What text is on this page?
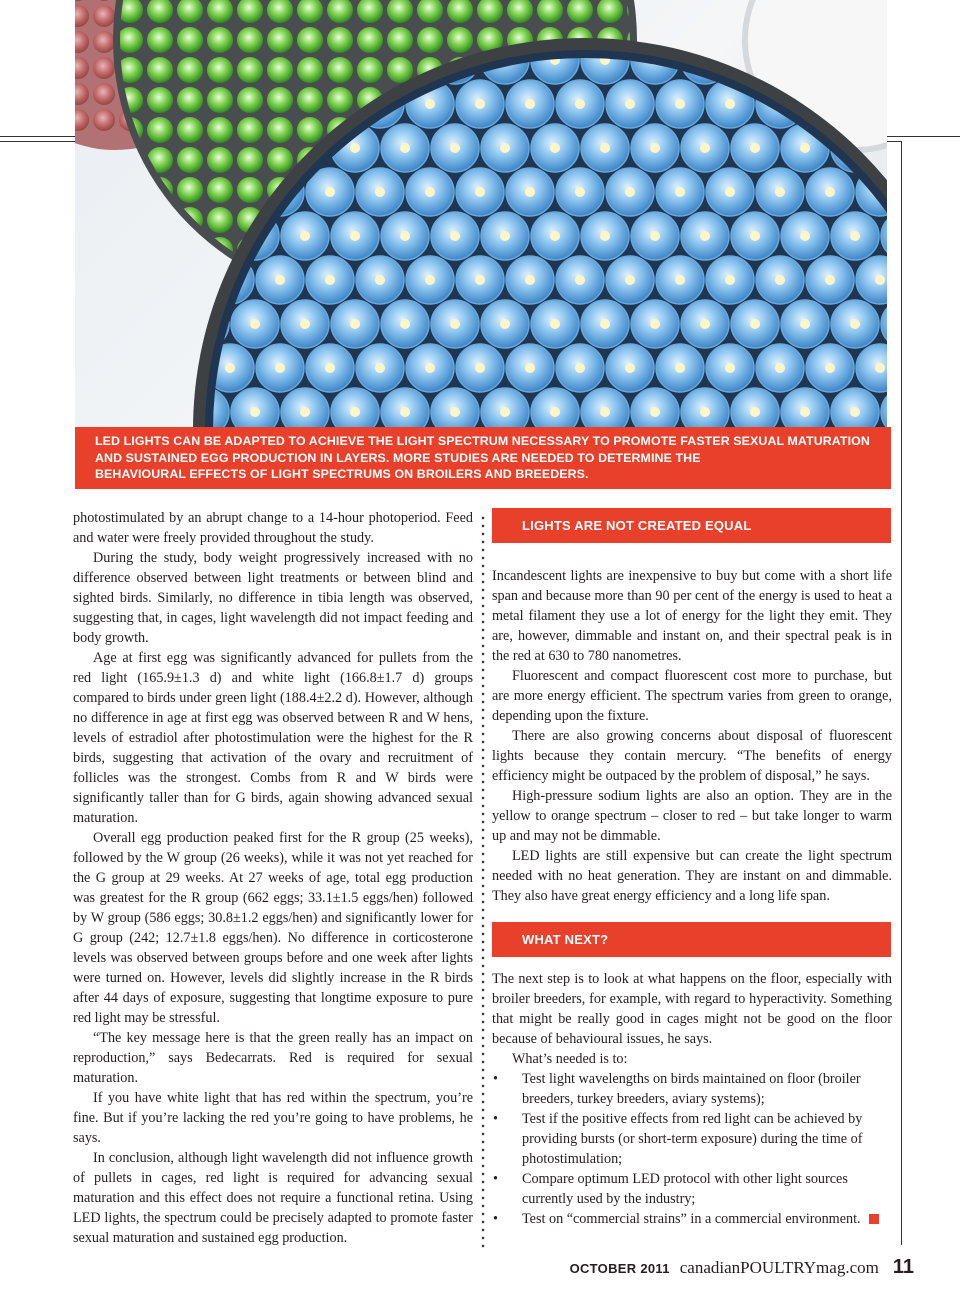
LED LIGHTS CAN BE ADAPTED TO ACHIEVE THE LIGHT SPECTRUM NECESSARY TO PROMOTE FASTER SEXUAL MATURATION
AND SUSTAINED EGG PRODUCTION IN LAYERS. MORE STUDIES ARE NEEDED TO DETERMINE THE
BEHAVIOURAL EFFECTS OF LIGHT SPECTRUMS ON BROILERS AND BREEDERS.

photostimulated by an abrupt change to a 14-hour photoperiod. Feed and water were freely provided throughout the study.

During the study, body weight progressively increased with no difference observed between light treatments or between blind and sighted birds. Similarly, no difference in tibia length was observed, suggesting that, in cages, light wavelength did not impact feeding and body growth.

Age at first egg was significantly advanced for pullets from the red light (165.9±1.3 d) and white light (166.8±1.7 d) groups compared to birds under green light (188.4±2.2 d). However, although no difference in age at first egg was observed between R and W hens, levels of estradiol after photostimulation were the highest for the R birds, suggesting that activation of the ovary and recruitment of follicles was the strongest. Combs from R and W birds were significantly taller than for G birds, again showing advanced sexual maturation.

Overall egg production peaked first for the R group (25 weeks), followed by the W group (26 weeks), while it was not yet reached for the G group at 29 weeks. At 27 weeks of age, total egg production was greatest for the R group (662 eggs; 33.1±1.5 eggs/hen) followed by W group (586 eggs; 30.8±1.2 eggs/hen) and significantly lower for G group (242; 12.7±1.8 eggs/hen). No difference in corticosterone levels was observed between groups before and one week after lights were turned on. However, levels did slightly increase in the R birds after 44 days of exposure, suggesting that longtime exposure to pure red light may be stressful.

“The key message here is that the green really has an impact on reproduction,” says Bedecarrats. Red is required for sexual maturation.

If you have white light that has red within the spectrum, you’re fine. But if you’re lacking the red you’re going to have problems, he says.

In conclusion, although light wavelength did not influence growth of pullets in cages, red light is required for advancing sexual maturation and this effect does not require a functional retina. Using LED lights, the spectrum could be precisely adapted to promote faster sexual maturation and sustained egg production.

LIGHTS ARE NOT CREATED EQUAL

Incandescent lights are inexpensive to buy but come with a short life span and because more than 90 per cent of the energy is used to heat a metal filament they use a lot of energy for the light they emit. They are, however, dimmable and instant on, and their spectral peak is in the red at 630 to 780 nanometres.

Fluorescent and compact fluorescent cost more to purchase, but are more energy efficient. The spectrum varies from green to orange, depending upon the fixture.

There are also growing concerns about disposal of fluorescent lights because they contain mercury. “The benefits of energy efficiency might be outpaced by the problem of disposal,” he says.

High-pressure sodium lights are also an option. They are in the yellow to orange spectrum – closer to red – but take longer to warm up and may not be dimmable.

LED lights are still expensive but can create the light spectrum needed with no heat generation. They are instant on and dimmable. They also have great energy efficiency and a long life span.

WHAT NEXT?

The next step is to look at what happens on the floor, especially with broiler breeders, for example, with regard to hyperactivity. Something that might be really good in cages might not be good on the floor because of behavioural issues, he says.

What’s needed is to:

• Test light wavelengths on birds maintained on floor (broiler breeders, turkey breeders, aviary systems);
• Test if the positive effects from red light can be achieved by providing bursts (or short-term exposure) during the time of photostimulation;
• Compare optimum LED protocol with other light sources currently used by the industry;
• Test on “commercial strains” in a commercial environment.
OCTOBER 2011 canadianPOULTRYmag.com 11
